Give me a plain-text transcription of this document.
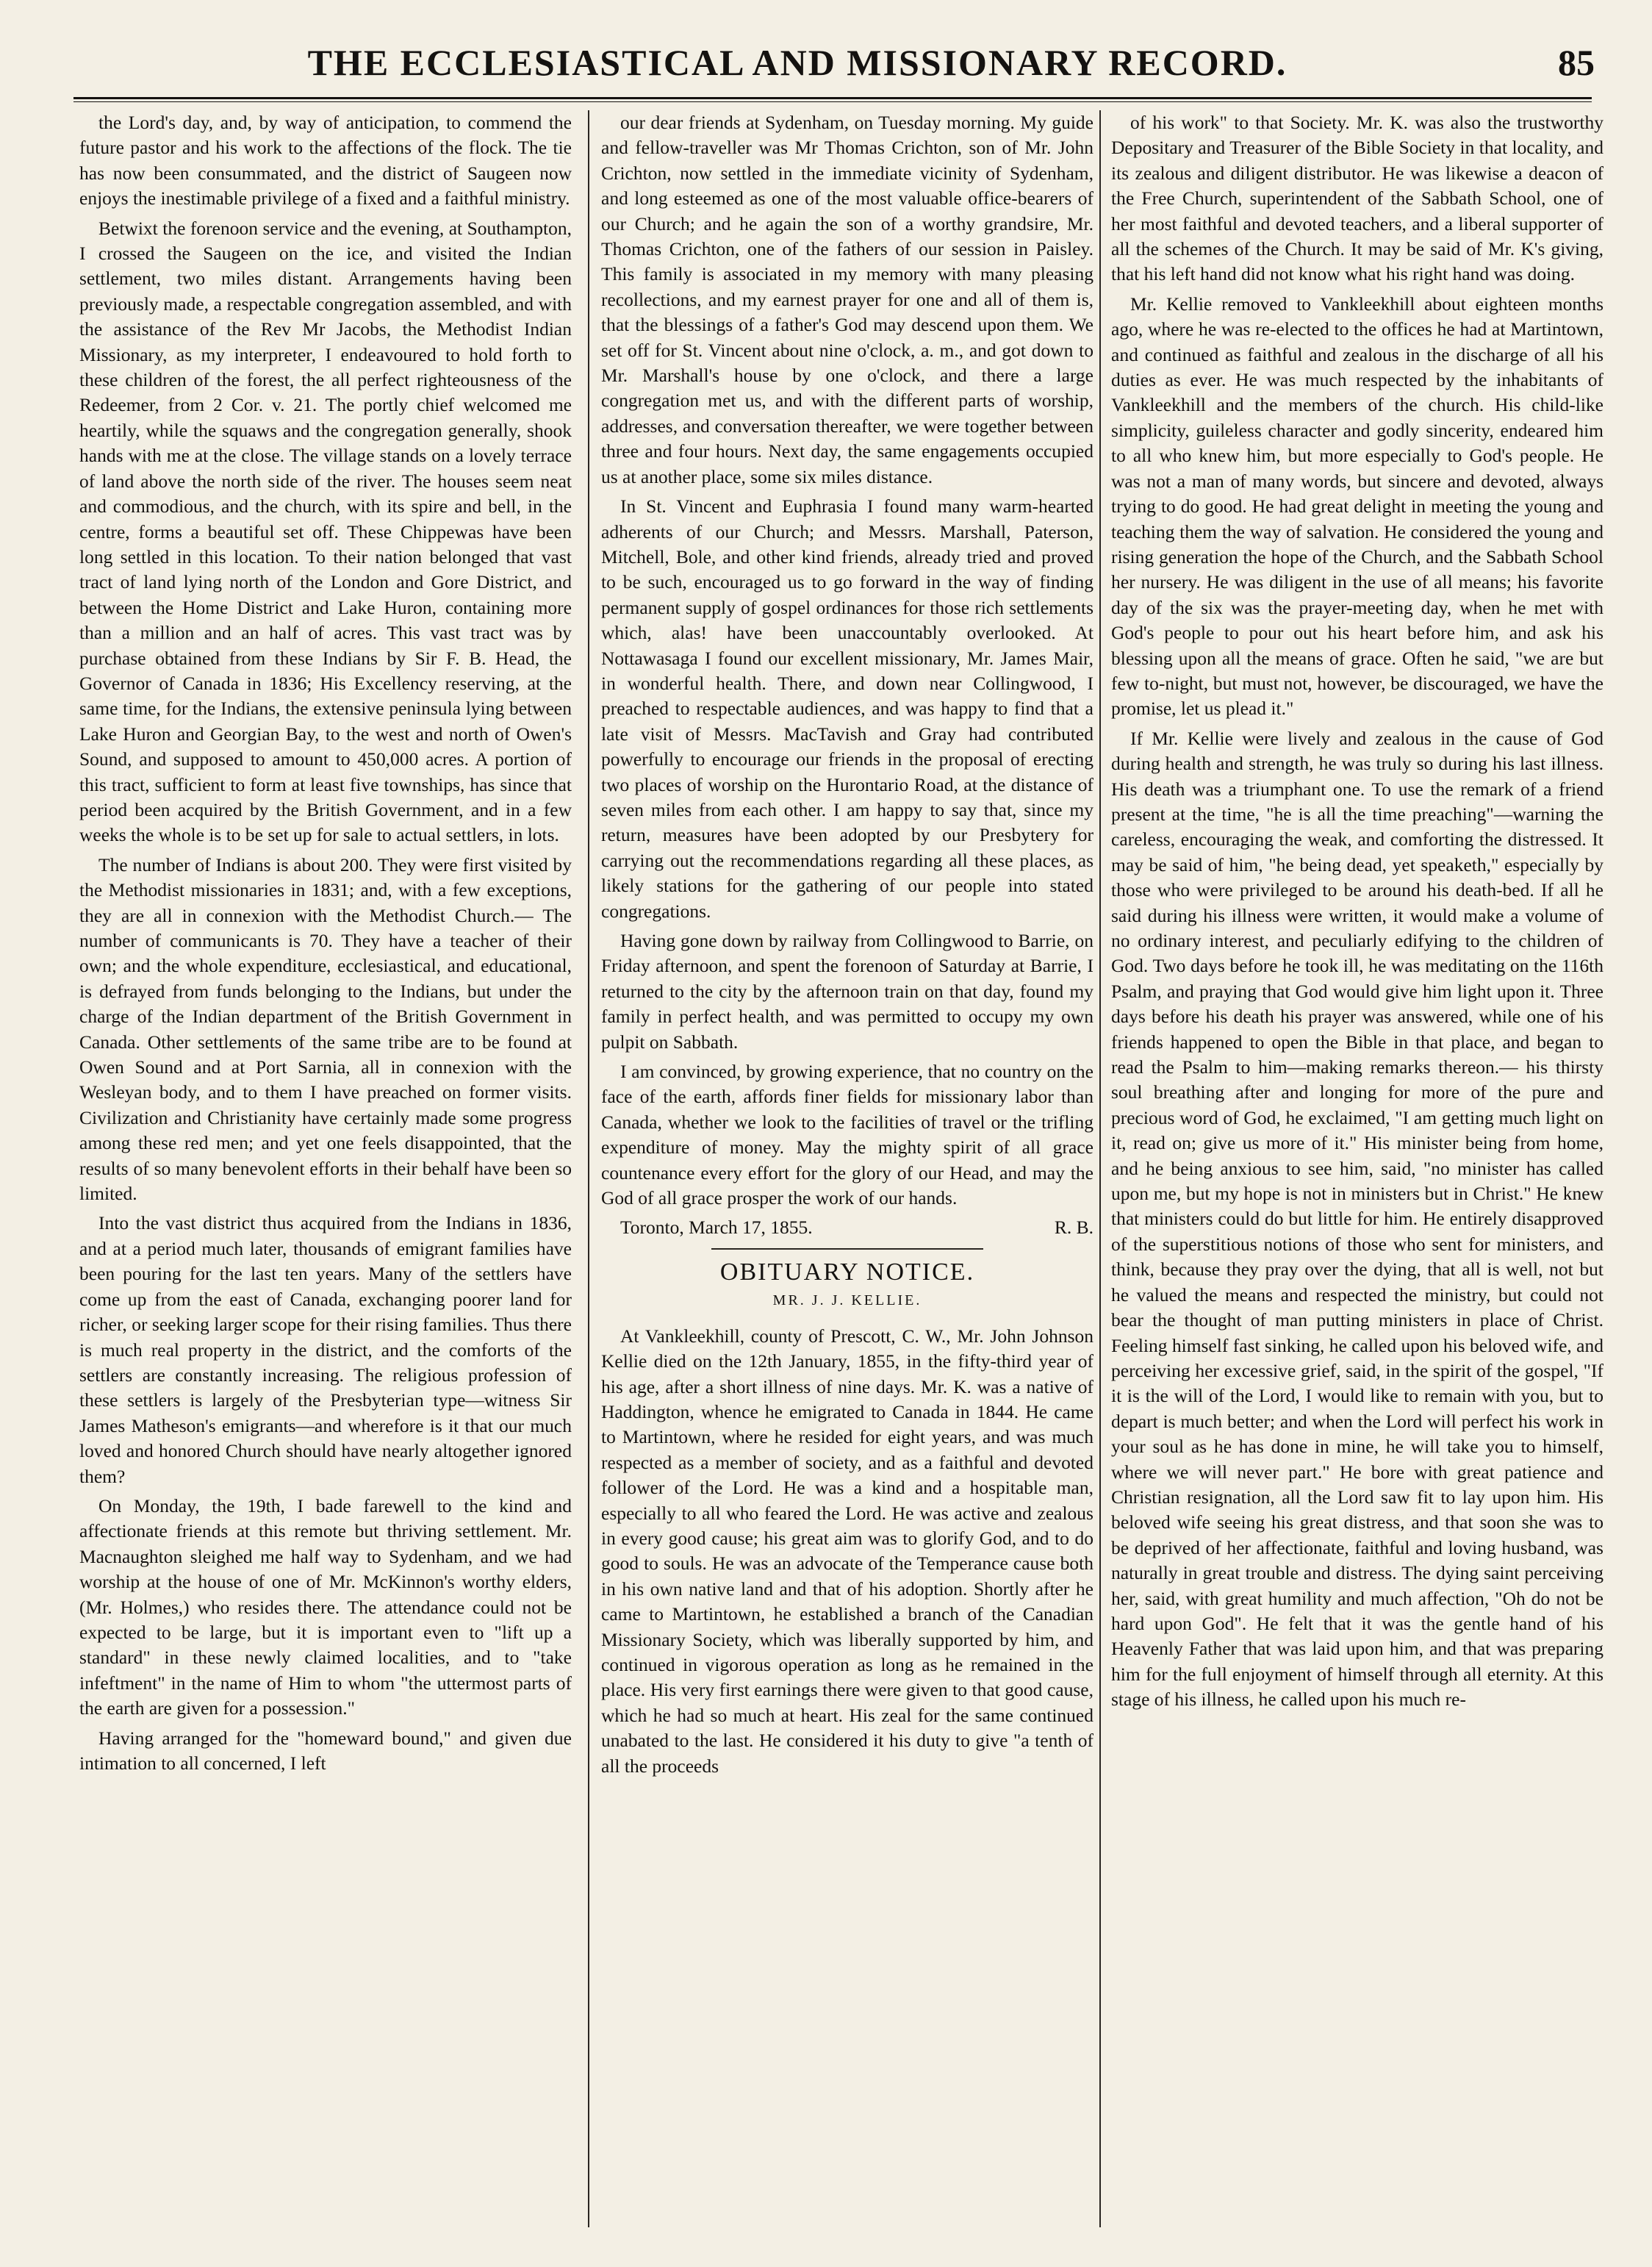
THE ECCLESIASTICAL AND MISSIONARY RECORD.	85

the Lord's day, and, by way of anticipation, to commend the future pastor and his work to the affections of the flock. The tie has now been consummated, and the district of Saugeen now enjoys the inestimable privilege of a fixed and a faithful ministry.

Betwixt the forenoon service and the evening, at Southampton, I crossed the Saugeen on the ice, and visited the Indian settlement, two miles distant. Arrangements having been previously made, a respectable congregation assembled, and with the assistance of the Rev Mr Jacobs, the Methodist Indian Missionary, as my interpreter, I endeavoured to hold forth to these children of the forest, the all perfect righteousness of the Redeemer, from 2 Cor. v. 21. The portly chief welcomed me heartily, while the squaws and the congregation generally, shook hands with me at the close. The village stands on a lovely terrace of land above the north side of the river. The houses seem neat and commodious, and the church, with its spire and bell, in the centre, forms a beautiful set off. These Chippewas have been long settled in this location. To their nation belonged that vast tract of land lying north of the London and Gore District, and between the Home District and Lake Huron, containing more than a million and an half of acres. This vast tract was by purchase obtained from these Indians by Sir F. B. Head, the Governor of Canada in 1836; His Excellency reserving, at the same time, for the Indians, the extensive peninsula lying between Lake Huron and Georgian Bay, to the west and north of Owen's Sound, and supposed to amount to 450,000 acres. A portion of this tract, sufficient to form at least five townships, has since that period been acquired by the British Government, and in a few weeks the whole is to be set up for sale to actual settlers, in lots.

The number of Indians is about 200. They were first visited by the Methodist missionaries in 1831; and, with a few exceptions, they are all in connexion with the Methodist Church.— The number of communicants is 70. They have a teacher of their own; and the whole expenditure, ecclesiastical, and educational, is defrayed from funds belonging to the Indians, but under the charge of the Indian department of the British Government in Canada. Other settlements of the same tribe are to be found at Owen Sound and at Port Sarnia, all in connexion with the Wesleyan body, and to them I have preached on former visits. Civilization and Christianity have certainly made some progress among these red men; and yet one feels disappointed, that the results of so many benevolent efforts in their behalf have been so limited.

Into the vast district thus acquired from the Indians in 1836, and at a period much later, thousands of emigrant families have been pouring for the last ten years. Many of the settlers have come up from the east of Canada, exchanging poorer land for richer, or seeking larger scope for their rising families. Thus there is much real property in the district, and the comforts of the settlers are constantly increasing. The religious profession of these settlers is largely of the Presbyterian type—witness Sir James Matheson's emigrants—and wherefore is it that our much loved and honored Church should have nearly altogether ignored them?

On Monday, the 19th, I bade farewell to the kind and affectionate friends at this remote but thriving settlement. Mr. Macnaughton sleighed me half way to Sydenham, and we had worship at the house of one of Mr. McKinnon's worthy elders, (Mr. Holmes,) who resides there. The attendance could not be expected to be large, but it is important even to "lift up a standard" in these newly claimed localities, and to "take infeftment" in the name of Him to whom "the uttermost parts of the earth are given for a possession."

Having arranged for the "homeward bound," and given due intimation to all concerned, I left

our dear friends at Sydenham, on Tuesday morning. My guide and fellow-traveller was Mr Thomas Crichton, son of Mr. John Crichton, now settled in the immediate vicinity of Sydenham, and long esteemed as one of the most valuable office-bearers of our Church; and he again the son of a worthy grandsire, Mr. Thomas Crichton, one of the fathers of our session in Paisley. This family is associated in my memory with many pleasing recollections, and my earnest prayer for one and all of them is, that the blessings of a father's God may descend upon them. We set off for St. Vincent about nine o'clock, a. m., and got down to Mr. Marshall's house by one o'clock, and there a large congregation met us, and with the different parts of worship, addresses, and conversation thereafter, we were together between three and four hours. Next day, the same engagements occupied us at another place, some six miles distance.

In St. Vincent and Euphrasia I found many warm-hearted adherents of our Church; and Messrs. Marshall, Paterson, Mitchell, Bole, and other kind friends, already tried and proved to be such, encouraged us to go forward in the way of finding permanent supply of gospel ordinances for those rich settlements which, alas! have been unaccountably overlooked. At Nottawasaga I found our excellent missionary, Mr. James Mair, in wonderful health. There, and down near Collingwood, I preached to respectable audiences, and was happy to find that a late visit of Messrs. MacTavish and Gray had contributed powerfully to encourage our friends in the proposal of erecting two places of worship on the Hurontario Road, at the distance of seven miles from each other. I am happy to say that, since my return, measures have been adopted by our Presbytery for carrying out the recommendations regarding all these places, as likely stations for the gathering of our people into stated congregations.

Having gone down by railway from Collingwood to Barrie, on Friday afternoon, and spent the forenoon of Saturday at Barrie, I returned to the city by the afternoon train on that day, found my family in perfect health, and was permitted to occupy my own pulpit on Sabbath.

I am convinced, by growing experience, that no country on the face of the earth, affords finer fields for missionary labor than Canada, whether we look to the facilities of travel or the trifling expenditure of money. May the mighty spirit of all grace countenance every effort for the glory of our Head, and may the God of all grace prosper the work of our hands.

Toronto, March 17, 1855.	R. B.

OBITUARY NOTICE.
MR. J. J. KELLIE.

At Vankleekhill, county of Prescott, C. W., Mr. John Johnson Kellie died on the 12th January, 1855, in the fifty-third year of his age, after a short illness of nine days. Mr. K. was a native of Haddington, whence he emigrated to Canada in 1844. He came to Martintown, where he resided for eight years, and was much respected as a member of society, and as a faithful and devoted follower of the Lord. He was a kind and a hospitable man, especially to all who feared the Lord. He was active and zealous in every good cause; his great aim was to glorify God, and to do good to souls. He was an advocate of the Temperance cause both in his own native land and that of his adoption. Shortly after he came to Martintown, he established a branch of the Canadian Missionary Society, which was liberally supported by him, and continued in vigorous operation as long as he remained in the place. His very first earnings there were given to that good cause, which he had so much at heart. His zeal for the same continued unabated to the last. He considered it his duty to give "a tenth of all the proceeds

of his work" to that Society. Mr. K. was also the trustworthy Depositary and Treasurer of the Bible Society in that locality, and its zealous and diligent distributor. He was likewise a deacon of the Free Church, superintendent of the Sabbath School, one of her most faithful and devoted teachers, and a liberal supporter of all the schemes of the Church. It may be said of Mr. K's giving, that his left hand did not know what his right hand was doing.

Mr. Kellie removed to Vankleekhill about eighteen months ago, where he was re-elected to the offices he had at Martintown, and continued as faithful and zealous in the discharge of all his duties as ever. He was much respected by the inhabitants of Vankleekhill and the members of the church. His child-like simplicity, guileless character and godly sincerity, endeared him to all who knew him, but more especially to God's people. He was not a man of many words, but sincere and devoted, always trying to do good. He had great delight in meeting the young and teaching them the way of salvation. He considered the young and rising generation the hope of the Church, and the Sabbath School her nursery. He was diligent in the use of all means; his favorite day of the six was the prayer-meeting day, when he met with God's people to pour out his heart before him, and ask his blessing upon all the means of grace. Often he said, "we are but few to-night, but must not, however, be discouraged, we have the promise, let us plead it."

If Mr. Kellie were lively and zealous in the cause of God during health and strength, he was truly so during his last illness. His death was a triumphant one. To use the remark of a friend present at the time, "he is all the time preaching"—warning the careless, encouraging the weak, and comforting the distressed. It may be said of him, "he being dead, yet speaketh," especially by those who were privileged to be around his death-bed. If all he said during his illness were written, it would make a volume of no ordinary interest, and peculiarly edifying to the children of God. Two days before he took ill, he was meditating on the 116th Psalm, and praying that God would give him light upon it. Three days before his death his prayer was answered, while one of his friends happened to open the Bible in that place, and began to read the Psalm to him—making remarks thereon.— his thirsty soul breathing after and longing for more of the pure and precious word of God, he exclaimed, "I am getting much light on it, read on; give us more of it." His minister being from home, and he being anxious to see him, said, "no minister has called upon me, but my hope is not in ministers but in Christ." He knew that ministers could do but little for him. He entirely disapproved of the superstitious notions of those who sent for ministers, and think, because they pray over the dying, that all is well, not but he valued the means and respected the ministry, but could not bear the thought of man putting ministers in place of Christ. Feeling himself fast sinking, he called upon his beloved wife, and perceiving her excessive grief, said, in the spirit of the gospel, "If it is the will of the Lord, I would like to remain with you, but to depart is much better; and when the Lord will perfect his work in your soul as he has done in mine, he will take you to himself, where we will never part." He bore with great patience and Christian resignation, all the Lord saw fit to lay upon him. His beloved wife seeing his great distress, and that soon she was to be deprived of her affectionate, faithful and loving husband, was naturally in great trouble and distress. The dying saint perceiving her, said, with great humility and much affection, "Oh do not be hard upon God". He felt that it was the gentle hand of his Heavenly Father that was laid upon him, and that was preparing him for the full enjoyment of himself through all eternity. At this stage of his illness, he called upon his much re-
